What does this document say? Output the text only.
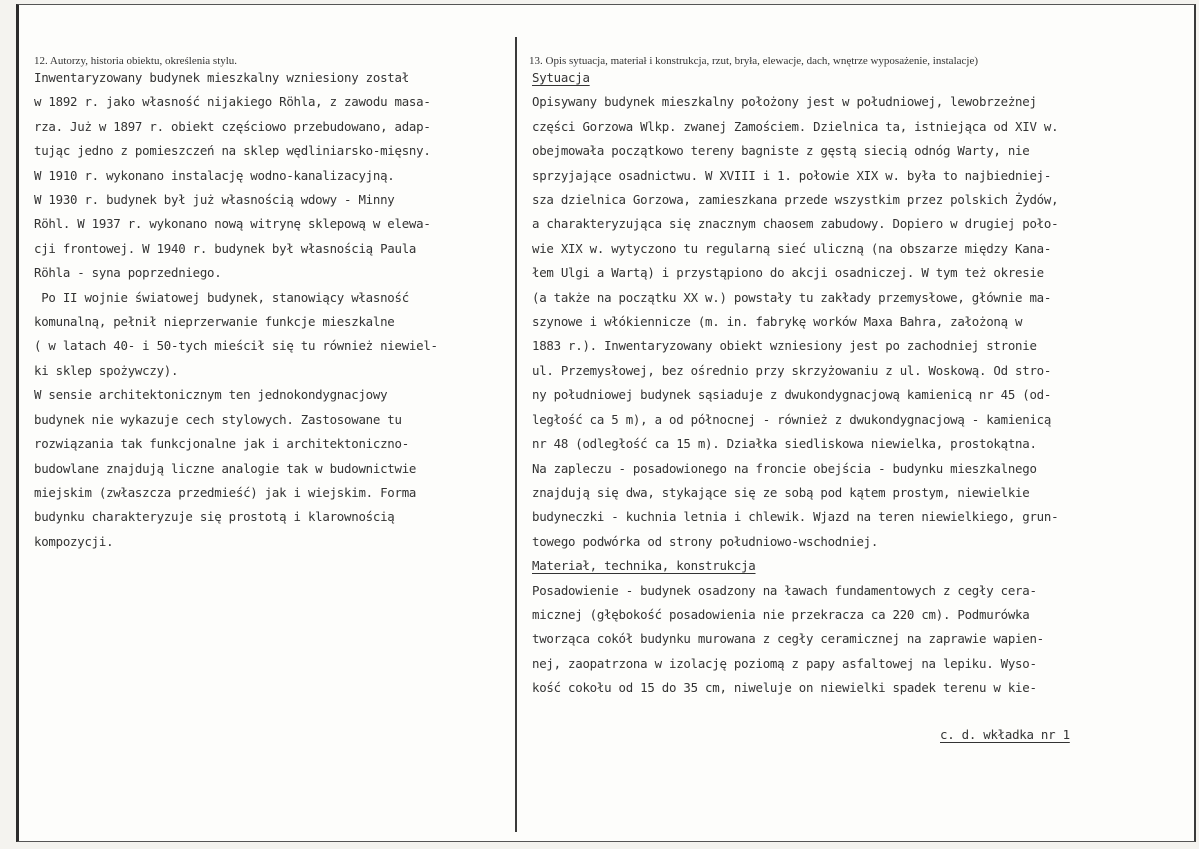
12. Autorzy, historia obiektu, określenia stylu.	13. Opis sytuacja, materiał i konstrukcja, rzut, bryła, elewacje, dach, wnętrze wyposażenie, instalacje)
Inwentaryzowany budynek mieszkalny wzniesiony został
w 1892 r. jako własność nijakiego Röhla, z zawodu masa-
rza. Już w 1897 r. obiekt częściowo przebudowano, adap-
tując jedno z pomieszczeń na sklep wędliniarsko-mięsny.
W 1910 r. wykonano instalację wodno-kanalizacyjną.
W 1930 r. budynek był już własnością wdowy - Minny
Röhl. W 1937 r. wykonano nową witrynę sklepową w elewa-
cji frontowej. W 1940 r. budynek był własnością Paula
Röhla - syna poprzedniego.
Po II wojnie światowej budynek, stanowiący własność
komunalną, pełnił nieprzerwanie funkcje mieszkalne
( w latach 40- i 50-tych mieścił się tu również niewiel-
ki sklep spożywczy).
W sensie architektonicznym ten jednokondygnacjowy
budynek nie wykazuje cech stylowych. Zastosowane tu
rozwiązania tak funkcjonalne jak i architektoniczno-
budowlane znajdują liczne analogie tak w budownictwie
miejskim (zwłaszcza przedmieść) jak i wiejskim. Forma
budynku charakteryzuje się prostotą i klarownością
kompozycji.
Sytuacja
Opisywany budynek mieszkalny położony jest w południowej, lewobrzeżnej
części Gorzowa Wlkp. zwanej Zamościem. Dzielnica ta, istniejąca od XIV w.
obejmowała początkowo tereny bagniste z gęstą siecią odnóg Warty, nie
sprzyjające osadnictwu. W XVIII i 1. połowie XIX w. była to najbiedniej-
sza dzielnica Gorzowa, zamieszkana przede wszystkim przez polskich Żydów,
a charakteryzująca się znacznym chaosem zabudowy. Dopiero w drugiej poło-
wie XIX w. wytyczono tu regularną sieć uliczną (na obszarze między Kana-
łem Ulgi a Wartą) i przystąpiono do akcji osadniczej. W tym też okresie
(a także na początku XX w.) powstały tu zakłady przemysłowe, głównie ma-
szynowe i włókiennicze (m. in. fabrykę worków Maxa Bahra, założoną w
1883 r.). Inwentaryzowany obiekt wzniesiony jest po zachodniej stronie
ul. Przemysłowej, bez ośrednio przy skrzyżowaniu z ul. Woskową. Od stro-
ny południowej budynek sąsiaduje z dwukondygnacjową kamienicą nr 45 (od-
ległość ca 5 m), a od północnej - również z dwukondygnacjową - kamienicą
nr 48 (odległość ca 15 m). Działka siedliskowa niewielka, prostokątna.
Na zapleczu - posadowionego na froncie obejścia - budynku mieszkalnego
znajdują się dwa, stykające się ze sobą pod kątem prostym, niewielkie
budyneczki - kuchnia letnia i chlewik. Wjazd na teren niewielkiego, grun-
towego podwórka od strony południowo-wschodniej.
Materiał, technika, konstrukcja
Posadowienie - budynek osadzony na ławach fundamentowych z cegły cera-
micznej (głębokość posadowienia nie przekracza ca 220 cm). Podmurówka
tworząca cokół budynku murowana z cegły ceramicznej na zaprawie wapien-
nej, zaopatrzona w izolację poziomą z papy asfaltowej na lepiku. Wyso-
kość cokołu od 15 do 35 cm, niweluje on niewielki spadek terenu w kie-
c. d. wkładka nr 1
